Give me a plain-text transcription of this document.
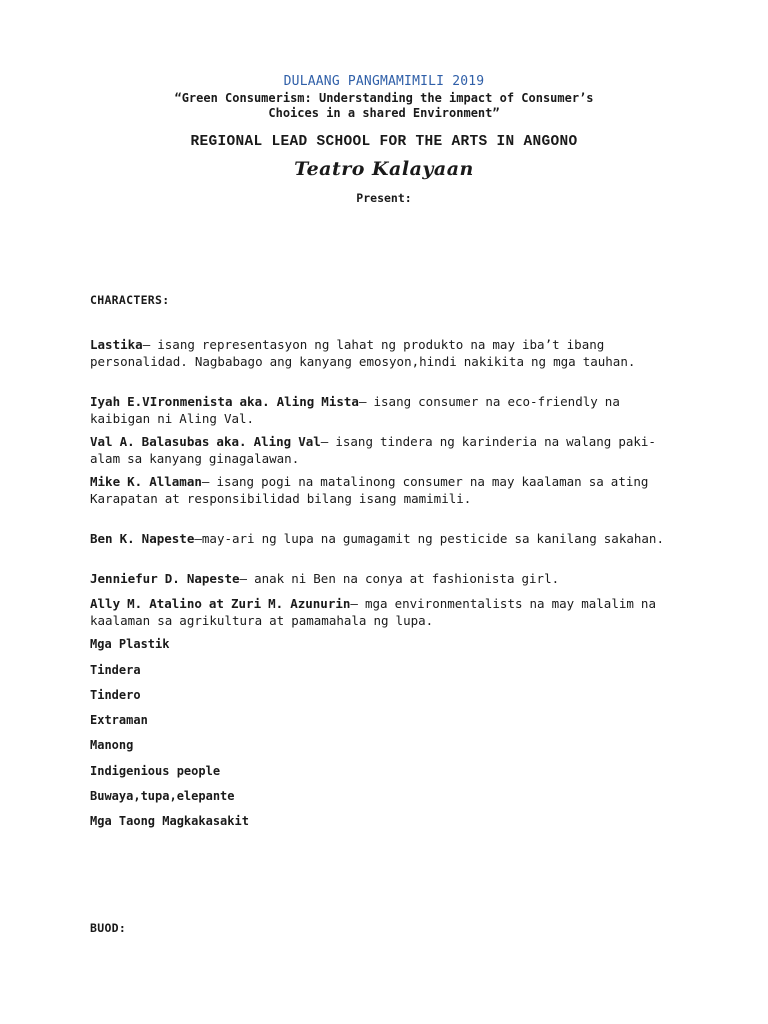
DULAANG PANGMAMIMILI 2019
“Green Consumerism: Understanding the impact of Consumer’s
Choices in a shared Environment”
REGIONAL LEAD SCHOOL FOR THE ARTS IN ANGONO
Teatro Kalayaan
Present:
CHARACTERS:
Lastika– isang representasyon ng lahat ng produkto na may iba’t ibang personalidad. Nagbabago ang kanyang emosyon,hindi nakikita ng mga tauhan.
Iyah E.VIronmenista aka. Aling Mista– isang consumer na eco-friendly na kaibigan ni Aling Val.
Val A. Balasubas aka. Aling Val– isang tindera ng karinderia na walang paki-alam sa kanyang ginagalawan.
Mike K. Allaman– isang pogi na matalinong consumer na may kaalaman sa ating Karapatan at responsibilidad bilang isang mamimili.
Ben K. Napeste–may-ari ng lupa na gumagamit ng pesticide sa kanilang sakahan.
Jenniefur D. Napeste– anak ni Ben na conya at fashionista girl.
Ally M. Atalino at Zuri M. Azunurin– mga environmentalists na may malalim na kaalaman sa agrikultura at pamamahala ng lupa.
Mga Plastik
Tindera
Tindero
Extraman
Manong
Indigenious people
Buwaya,tupa,elepante
Mga Taong Magkakasakit
BUOD:
